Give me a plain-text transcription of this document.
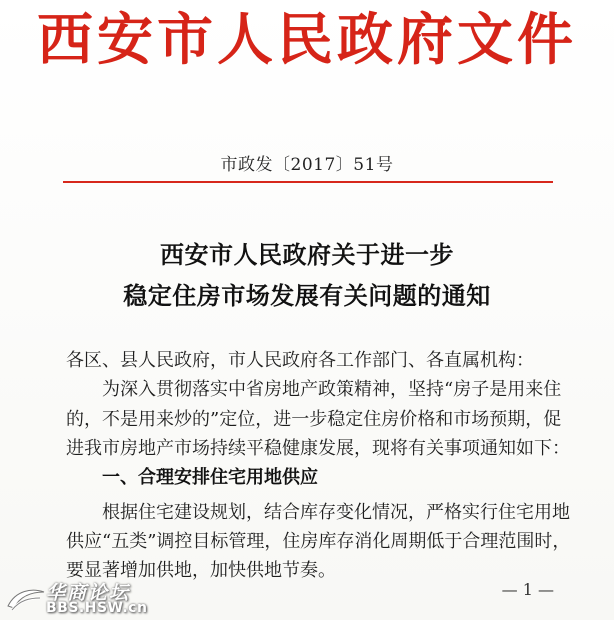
西安市人民政府文件
市政发〔2017〕51号
西安市人民政府关于进一步
稳定住房市场发展有关问题的通知
各区、县人民政府，市人民政府各工作部门、各直属机构：
为深入贯彻落实中省房地产政策精神，坚持“房子是用来住
的，不是用来炒的”定位，进一步稳定住房价格和市场预期，促
进我市房地产市场持续平稳健康发展，现将有关事项通知如下：
一、合理安排住宅用地供应
根据住宅建设规划，结合库存变化情况，严格实行住宅用地
供应“五类”调控目标管理，住房库存消化周期低于合理范围时，
要显著增加供地，加快供地节奏。
— 1 —
华商论坛
BBS.HSW.cn
